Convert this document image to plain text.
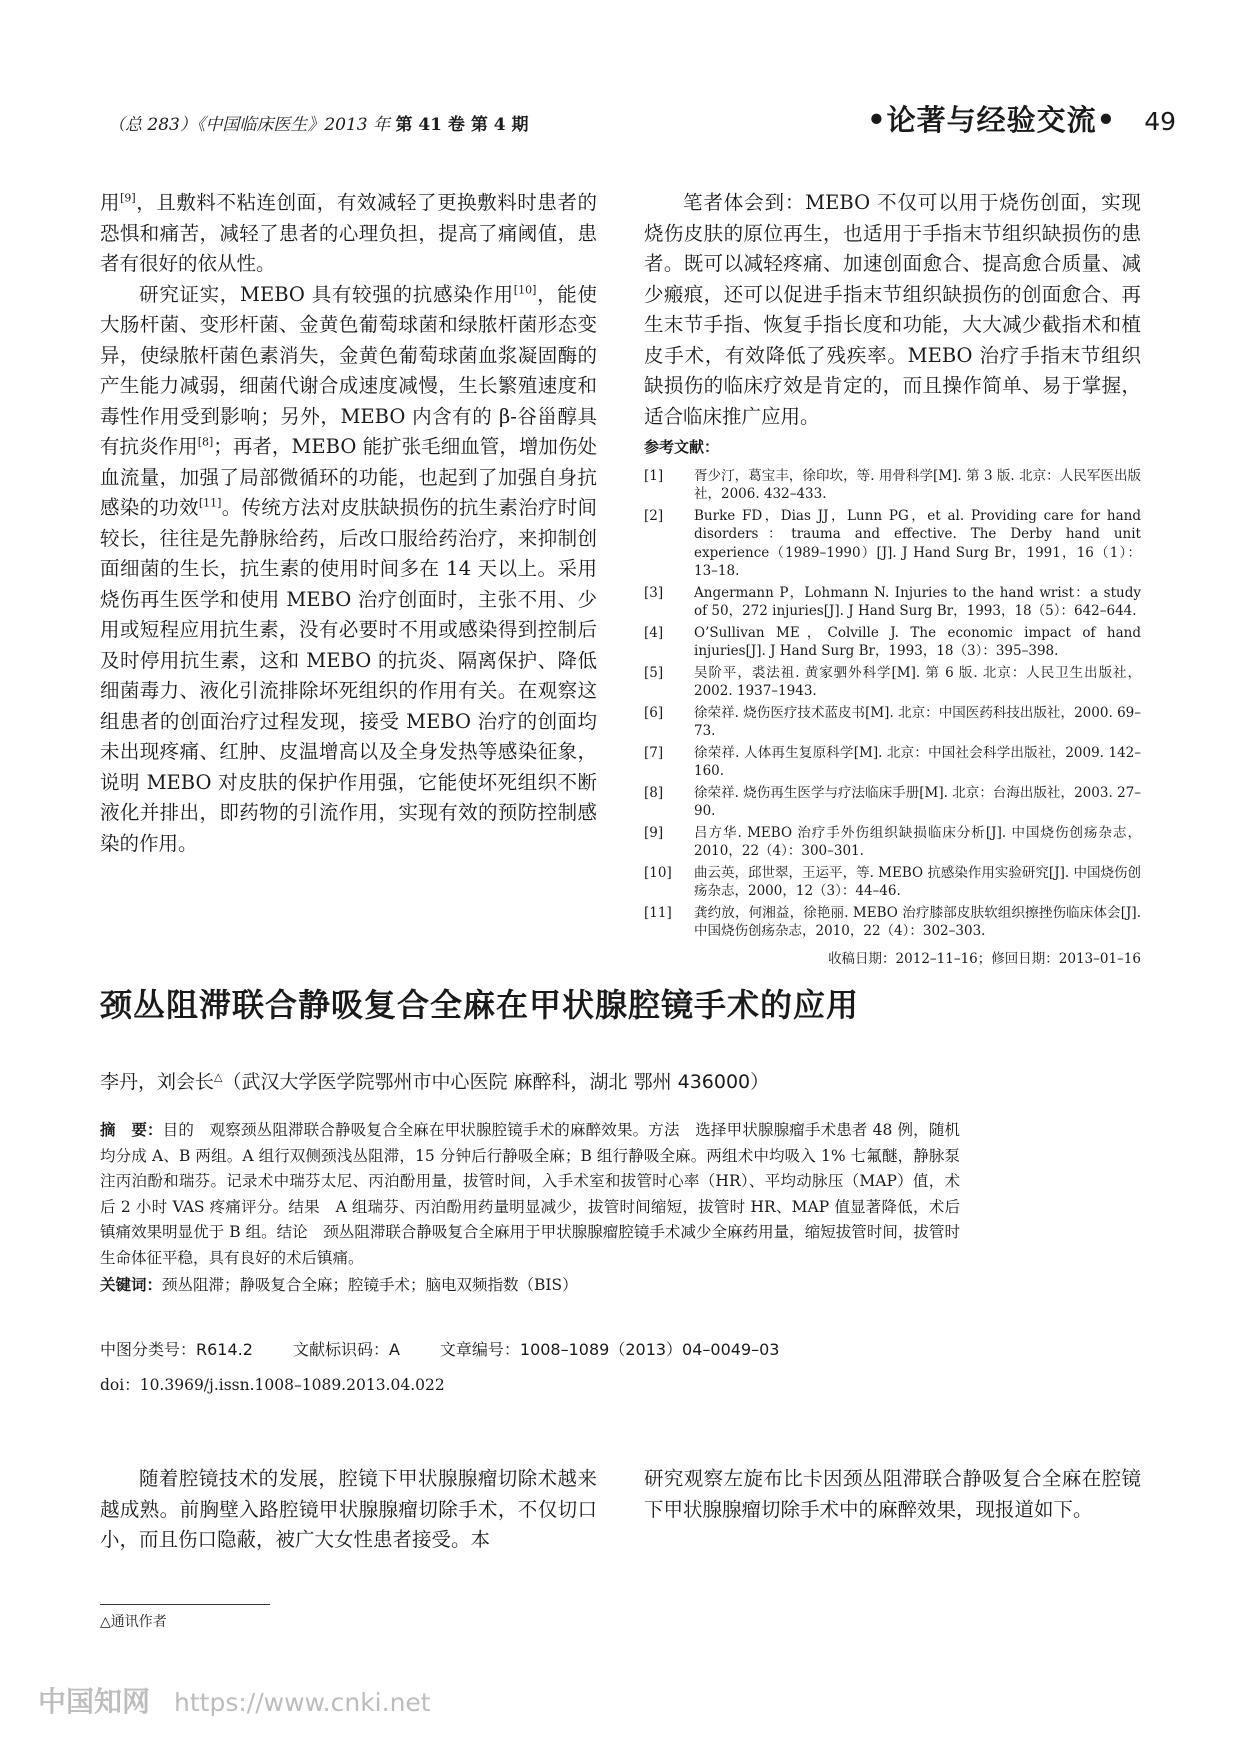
（总 283）《中国临床医生》2013 年 第 41 卷 第 4 期	•论著与经验交流• 49

用[9]，且敷料不粘连创面，有效减轻了更换敷料时患者的恐惧和痛苦，减轻了患者的心理负担，提高了痛阈值，患者有很好的依从性。

研究证实，MEBO 具有较强的抗感染作用[10]，能使大肠杆菌、变形杆菌、金黄色葡萄球菌和绿脓杆菌形态变异，使绿脓杆菌色素消失，金黄色葡萄球菌血浆凝固酶的产生能力减弱，细菌代谢合成速度减慢，生长繁殖速度和毒性作用受到影响；另外，MEBO 内含有的 β-谷甾醇具有抗炎作用[8]；再者，MEBO 能扩张毛细血管，增加伤处血流量，加强了局部微循环的功能，也起到了加强自身抗感染的功效[11]。传统方法对皮肤缺损伤的抗生素治疗时间较长，往往是先静脉给药，后改口服给药治疗，来抑制创面细菌的生长，抗生素的使用时间多在 14 天以上。采用烧伤再生医学和使用 MEBO 治疗创面时，主张不用、少用或短程应用抗生素，没有必要时不用或感染得到控制后及时停用抗生素，这和 MEBO 的抗炎、隔离保护、降低细菌毒力、液化引流排除坏死组织的作用有关。在观察这组患者的创面治疗过程发现，接受 MEBO 治疗的创面均未出现疼痛、红肿、皮温增高以及全身发热等感染征象，说明 MEBO 对皮肤的保护作用强，它能使坏死组织不断液化并排出，即药物的引流作用，实现有效的预防控制感染的作用。

笔者体会到：MEBO 不仅可以用于烧伤创面，实现烧伤皮肤的原位再生，也适用于手指末节组织缺损伤的患者。既可以减轻疼痛、加速创面愈合、提高愈合质量、减少瘢痕，还可以促进手指末节组织缺损伤的创面愈合、再生末节手指、恢复手指长度和功能，大大减少截指术和植皮手术，有效降低了残疾率。MEBO 治疗手指末节组织缺损伤的临床疗效是肯定的，而且操作简单、易于掌握，适合临床推广应用。

参考文献：

[1]	胥少汀，葛宝丰，徐印坎，等. 用骨科学[M]. 第 3 版. 北京：人民军医出版社，2006. 432–433.
[2]	Burke FD，Dias JJ，Lunn PG，et al. Providing care for hand disorders：trauma and effective. The Derby hand unit experience（1989–1990）[J]. J Hand Surg Br，1991，16（1）：13–18.
[3]	Angermann P，Lohmann N. Injuries to the hand wrist：a study of 50，272 injuries[J]. J Hand Surg Br，1993，18（5）：642–644.
[4]	O’Sullivan ME，Colville J. The economic impact of hand injuries[J]. J Hand Surg Br，1993，18（3）：395–398.
[5]	吴阶平，裘法祖. 黄家驷外科学[M]. 第 6 版. 北京：人民卫生出版社，2002. 1937–1943.
[6]	徐荣祥. 烧伤医疗技术蓝皮书[M]. 北京：中国医药科技出版社，2000. 69–73.
[7]	徐荣祥. 人体再生复原科学[M]. 北京：中国社会科学出版社，2009. 142–160.
[8]	徐荣祥. 烧伤再生医学与疗法临床手册[M]. 北京：台海出版社，2003. 27–90.
[9]	吕方华. MEBO 治疗手外伤组织缺损临床分析[J]. 中国烧伤创疡杂志，2010，22（4）：300–301.
[10]	曲云英，邱世翠，王运平，等. MEBO 抗感染作用实验研究[J]. 中国烧伤创疡杂志，2000，12（3）：44–46.
[11]	龚约放，何湘益，徐艳丽. MEBO 治疗膝部皮肤软组织擦挫伤临床体会[J]. 中国烧伤创疡杂志，2010，22（4）：302–303.
收稿日期：2012–11–16；修回日期：2013–01–16
颈丛阻滞联合静吸复合全麻在甲状腺腔镜手术的应用
李丹，刘会长△（武汉大学医学院鄂州市中心医院 麻醉科，湖北 鄂州 436000）
摘　要：目的　观察颈丛阻滞联合静吸复合全麻在甲状腺腔镜手术的麻醉效果。方法　选择甲状腺腺瘤手术患者 48 例，随机均分成 A、B 两组。A 组行双侧颈浅丛阻滞，15 分钟后行静吸全麻；B 组行静吸全麻。两组术中均吸入 1% 七氟醚，静脉泵注丙泊酚和瑞芬。记录术中瑞芬太尼、丙泊酚用量，拔管时间，入手术室和拔管时心率（HR）、平均动脉压（MAP）值，术后 2 小时 VAS 疼痛评分。结果　A 组瑞芬、丙泊酚用药量明显减少，拔管时间缩短，拔管时 HR、MAP 值显著降低，术后镇痛效果明显优于 B 组。结论　颈丛阻滞联合静吸复合全麻用于甲状腺腺瘤腔镜手术减少全麻药用量，缩短拔管时间，拔管时生命体征平稳，具有良好的术后镇痛。
关键词：颈丛阻滞；静吸复合全麻；腔镜手术；脑电双频指数（BIS）
中图分类号：R614.2	文献标识码：A	文章编号：1008–1089（2013）04–0049–03
doi：10.3969/j.issn.1008–1089.2013.04.022

随着腔镜技术的发展，腔镜下甲状腺腺瘤切除术越来越成熟。前胸壁入路腔镜甲状腺腺瘤切除手术，不仅切口小，而且伤口隐蔽，被广大女性患者接受。本

研究观察左旋布比卡因颈丛阻滞联合静吸复合全麻在腔镜下甲状腺腺瘤切除手术中的麻醉效果，现报道如下。

△通讯作者
中国知网 https://www.cnki.net
